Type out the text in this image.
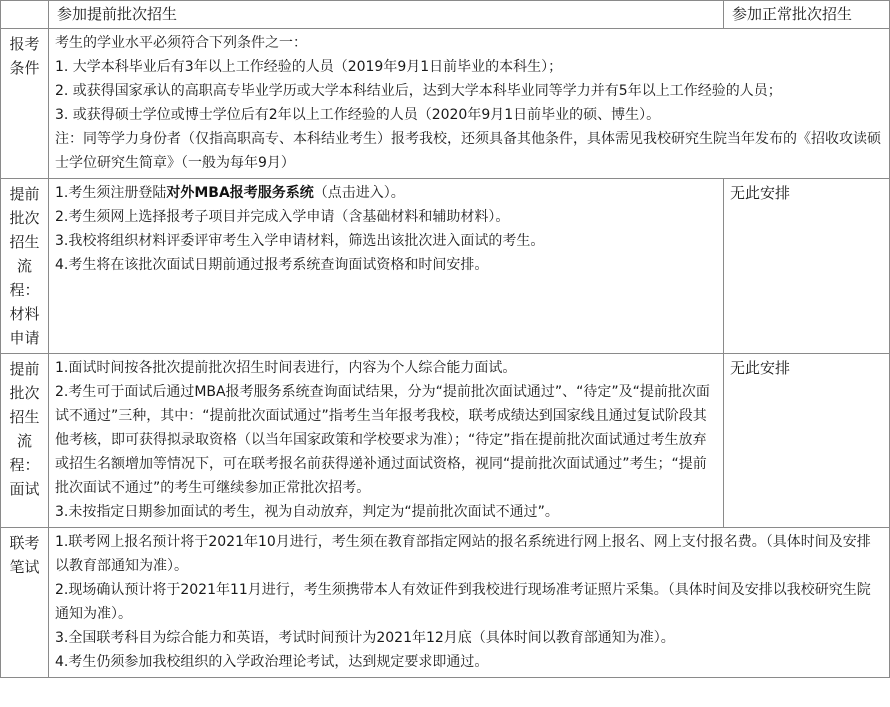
	参加提前批次招生	参加正常批次招生
报考条件	考生的学业水平必须符合下列条件之一：
1. 大学本科毕业后有3年以上工作经验的人员（2019年9月1日前毕业的本科生）；
2. 或获得国家承认的高职高专毕业学历或大学本科结业后，达到大学本科毕业同等学力并有5年以上工作经验的人员；
3. 或获得硕士学位或博士学位后有2年以上工作经验的人员（2020年9月1日前毕业的硕、博生）。
注：同等学力身份者（仅指高职高专、本科结业考生）报考我校，还须具备其他条件，具体需见我校研究生院当年发布的《招收攻读硕士学位研究生简章》（一般为每年9月）	

提前批次招生流程：材料申请	1.考生须注册登陆对外MBA报考服务系统（点击进入）。
2.考生须网上选择报考子项目并完成入学申请（含基础材料和辅助材料）。
3.我校将组织材料评委评审考生入学申请材料，筛选出该批次进入面试的考生。
4.考生将在该批次面试日期前通过报考系统查询面试资格和时间安排。	无此安排
提前批次招生流程：面试	1.面试时间按各批次提前批次招生时间表进行，内容为个人综合能力面试。
2.考生可于面试后通过MBA报考服务系统查询面试结果，分为“提前批次面试通过”、“待定”及“提前批次面试不通过”三种，其中：“提前批次面试通过”指考生当年报考我校，联考成绩达到国家线且通过复试阶段其他考核，即可获得拟录取资格（以当年国家政策和学校要求为准）；“待定”指在提前批次面试通过考生放弃或招生名额增加等情况下，可在联考报名前获得递补通过面试资格，视同“提前批次面试通过”考生；“提前批次面试不通过”的考生可继续参加正常批次招考。
3.未按指定日期参加面试的考生，视为自动放弃，判定为“提前批次面试不通过”。	无此安排
联考笔试	1.联考网上报名预计将于2021年10月进行，考生须在教育部指定网站的报名系统进行网上报名、网上支付报名费。（具体时间及安排以教育部通知为准）。
2.现场确认预计将于2021年11月进行，考生须携带本人有效证件到我校进行现场准考证照片采集。（具体时间及安排以我校研究生院通知为准）。
3.全国联考科目为综合能力和英语，考试时间预计为2021年12月底（具体时间以教育部通知为准）。
4.考生仍须参加我校组织的入学政治理论考试，达到规定要求即通过。	
